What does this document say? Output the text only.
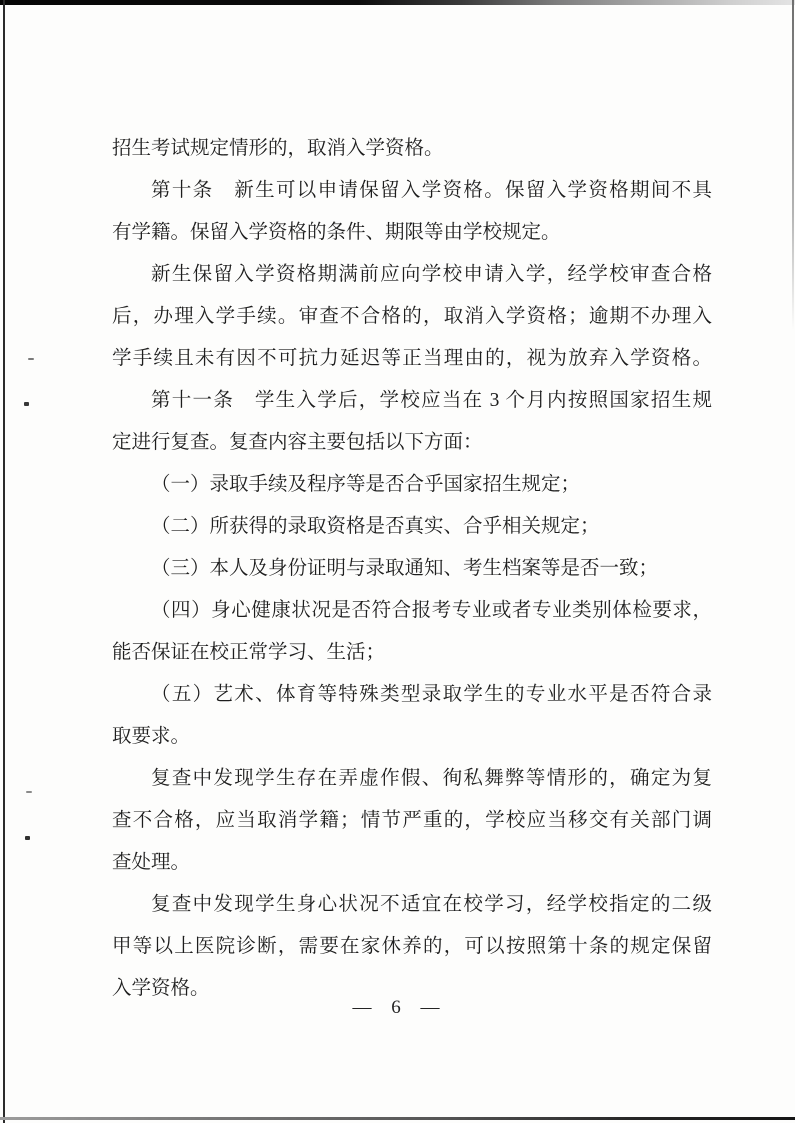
招生考试规定情形的，取消入学资格。
第十条　新生可以申请保留入学资格。保留入学资格期间不具
有学籍。保留入学资格的条件、期限等由学校规定。
新生保留入学资格期满前应向学校申请入学，经学校审查合格
后，办理入学手续。审查不合格的，取消入学资格；逾期不办理入
学手续且未有因不可抗力延迟等正当理由的，视为放弃入学资格。
第十一条　学生入学后，学校应当在 3 个月内按照国家招生规
定进行复查。复查内容主要包括以下方面：
（一）录取手续及程序等是否合乎国家招生规定；
（二）所获得的录取资格是否真实、合乎相关规定；
（三）本人及身份证明与录取通知、考生档案等是否一致；
（四）身心健康状况是否符合报考专业或者专业类别体检要求，
能否保证在校正常学习、生活；
（五）艺术、体育等特殊类型录取学生的专业水平是否符合录
取要求。
复查中发现学生存在弄虚作假、徇私舞弊等情形的，确定为复
查不合格，应当取消学籍；情节严重的，学校应当移交有关部门调
查处理。
复查中发现学生身心状况不适宜在校学习，经学校指定的二级
甲等以上医院诊断，需要在家休养的，可以按照第十条的规定保留
入学资格。
— 6 —
